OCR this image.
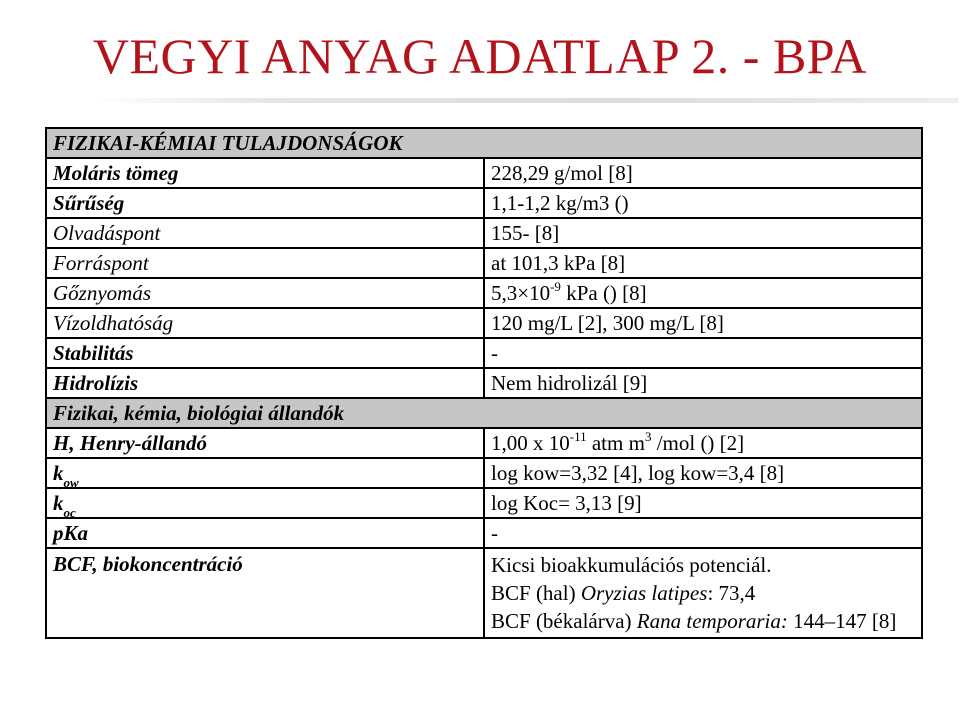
VEGYI ANYAG ADATLAP 2. - BPA
FIZIKAI-KÉMIAI TULAJDONSÁGOK	
Moláris tömeg	228,29 g/mol [8]
Sűrűség	1,1-1,2 kg/m3 ()
Olvadáspont	155- [8]
Forráspont	at 101,3 kPa [8]
Gőznyomás	$5,3\times 10^{-9}$ kPa () [8]
Vízoldhatóság	120 mg/L [2], 300 mg/L [8]
Stabilitás	-
Hidrolízis	Nem hidrolizál [9]
Fizikai, kémia, biológiai állandók	
H, Henry-állandó	1,00 x $10^{-11}$ atm $m^3$ /mol () [2]
$k_{ow}$	log kow=3,32 [4], log kow=3,4 [8]
$k_{oc}$	log Koc= 3,13 [9]
pKa	-
BCF, biokoncentráció	Kicsi bioakkumulációs potenciál.
BCF (hal) Oryzias latipes: 73,4
BCF (békalárva) Rana temporaria: 144–147 [8]
